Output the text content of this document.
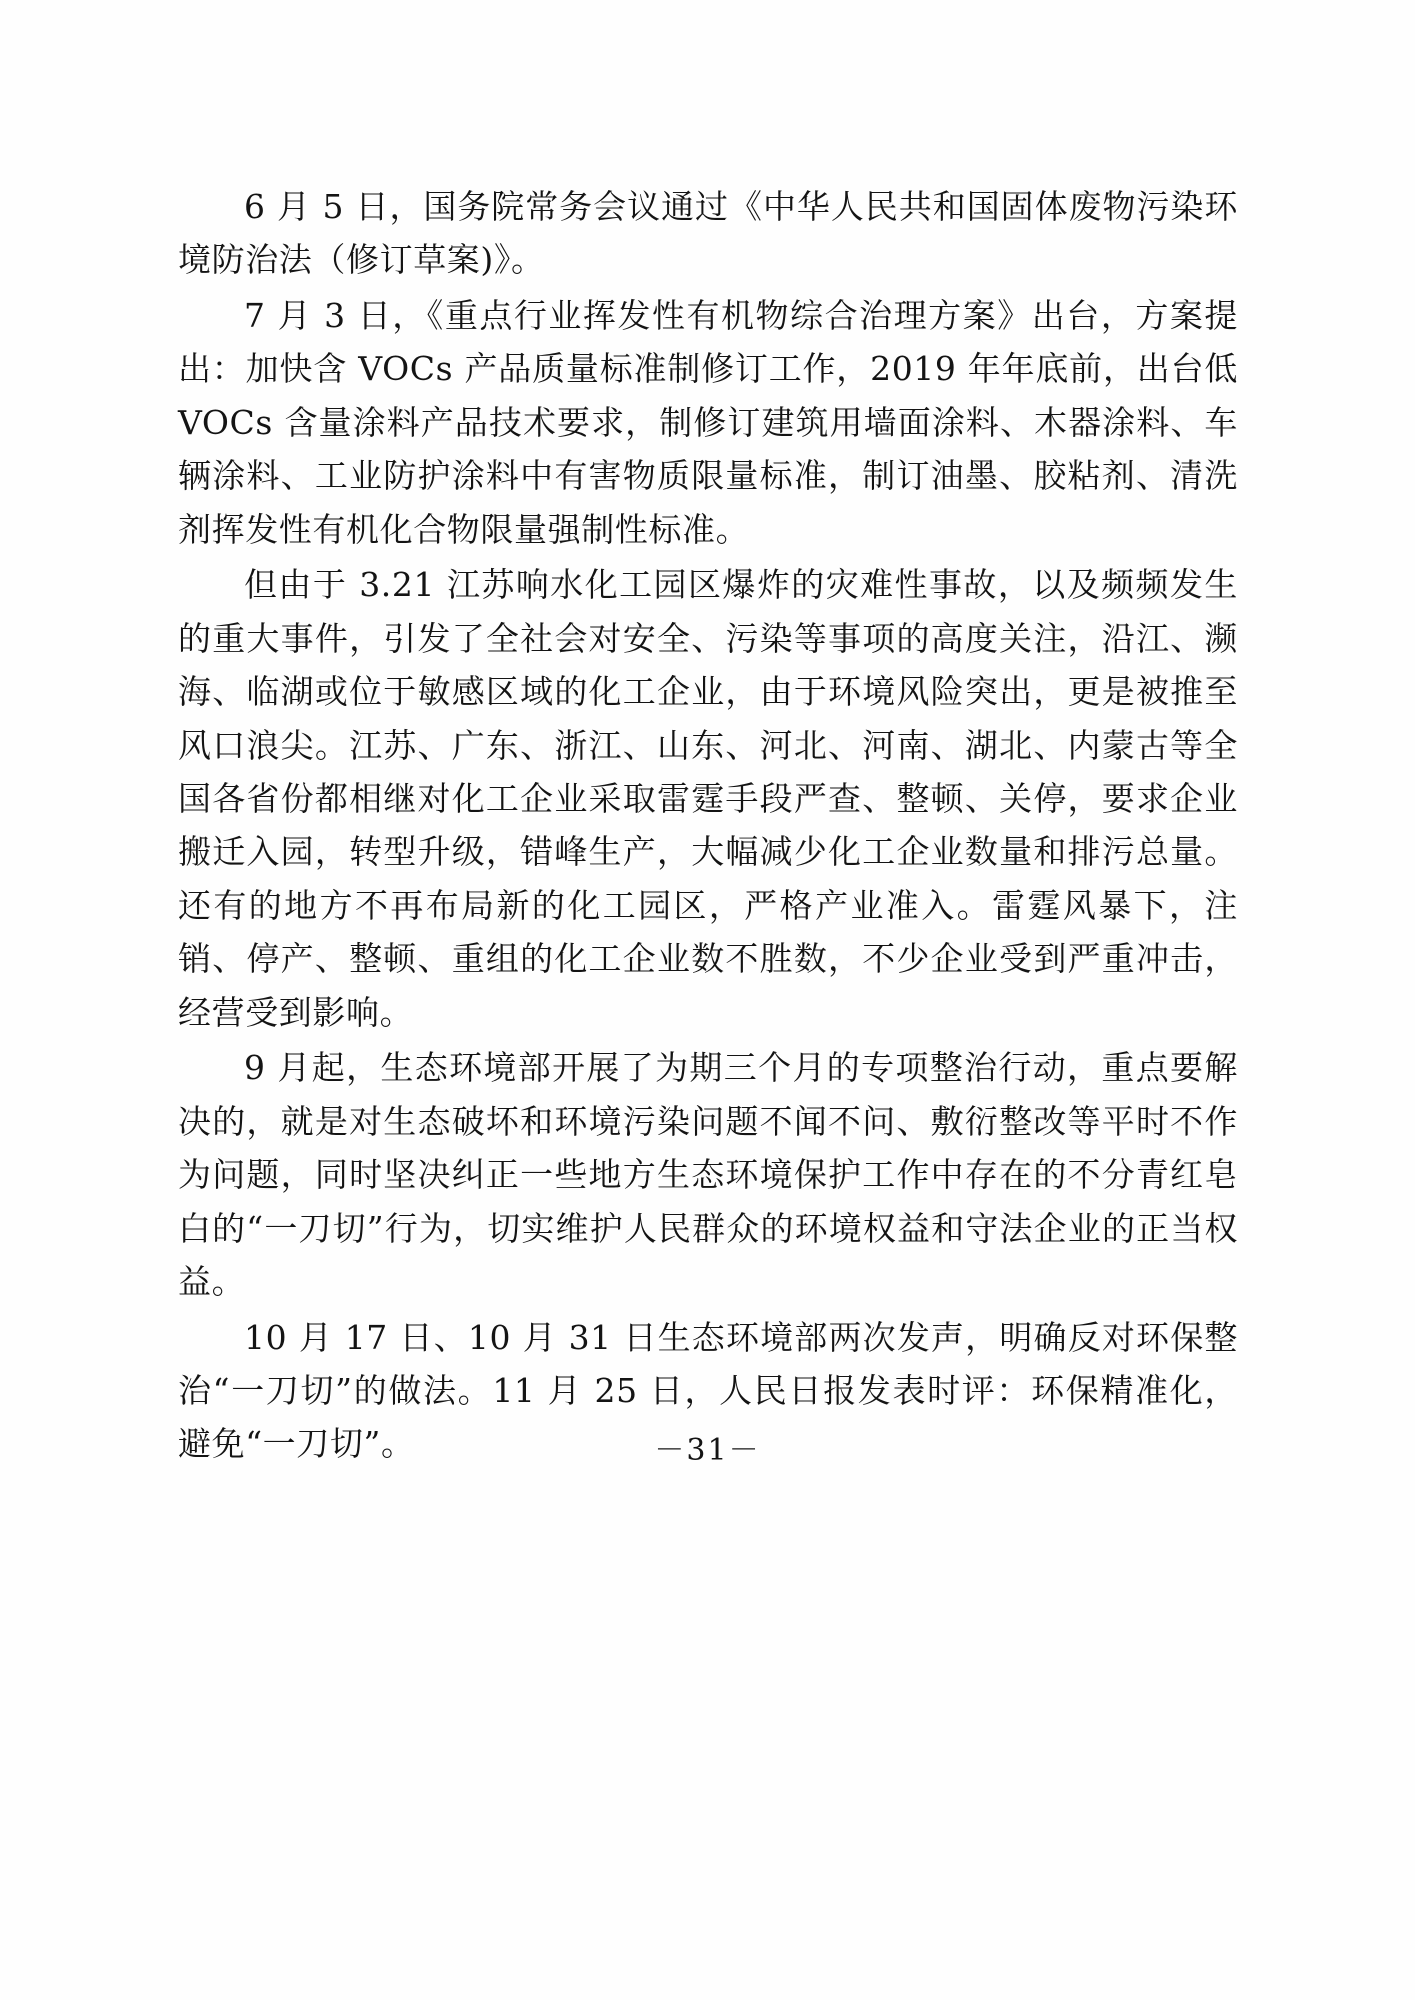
6 月 5 日，国务院常务会议通过《中华人民共和国固体废物污染环境防治法（修订草案)》。

7 月 3 日，《重点行业挥发性有机物综合治理方案》出台，方案提出：加快含 VOCs 产品质量标准制修订工作，2019 年年底前，出台低 VOCs 含量涂料产品技术要求，制修订建筑用墙面涂料、木器涂料、车辆涂料、工业防护涂料中有害物质限量标准，制订油墨、胶粘剂、清洗剂挥发性有机化合物限量强制性标准。

但由于 3.21 江苏响水化工园区爆炸的灾难性事故，以及频频发生的重大事件，引发了全社会对安全、污染等事项的高度关注，沿江、濒海、临湖或位于敏感区域的化工企业，由于环境风险突出，更是被推至风口浪尖。江苏、广东、浙江、山东、河北、河南、湖北、内蒙古等全国各省份都相继对化工企业采取雷霆手段严查、整顿、关停，要求企业搬迁入园，转型升级，错峰生产，大幅减少化工企业数量和排污总量。还有的地方不再布局新的化工园区，严格产业准入。雷霆风暴下，注销、停产、整顿、重组的化工企业数不胜数，不少企业受到严重冲击，经营受到影响。

9 月起，生态环境部开展了为期三个月的专项整治行动，重点要解决的，就是对生态破坏和环境污染问题不闻不问、敷衍整改等平时不作为问题，同时坚决纠正一些地方生态环境保护工作中存在的不分青红皂白的“一刀切”行为，切实维护人民群众的环境权益和守法企业的正当权益。

10 月 17 日、10 月 31 日生态环境部两次发声，明确反对环保整治“一刀切”的做法。11 月 25 日，人民日报发表时评：环保精准化，避免“一刀切”。	－31－
